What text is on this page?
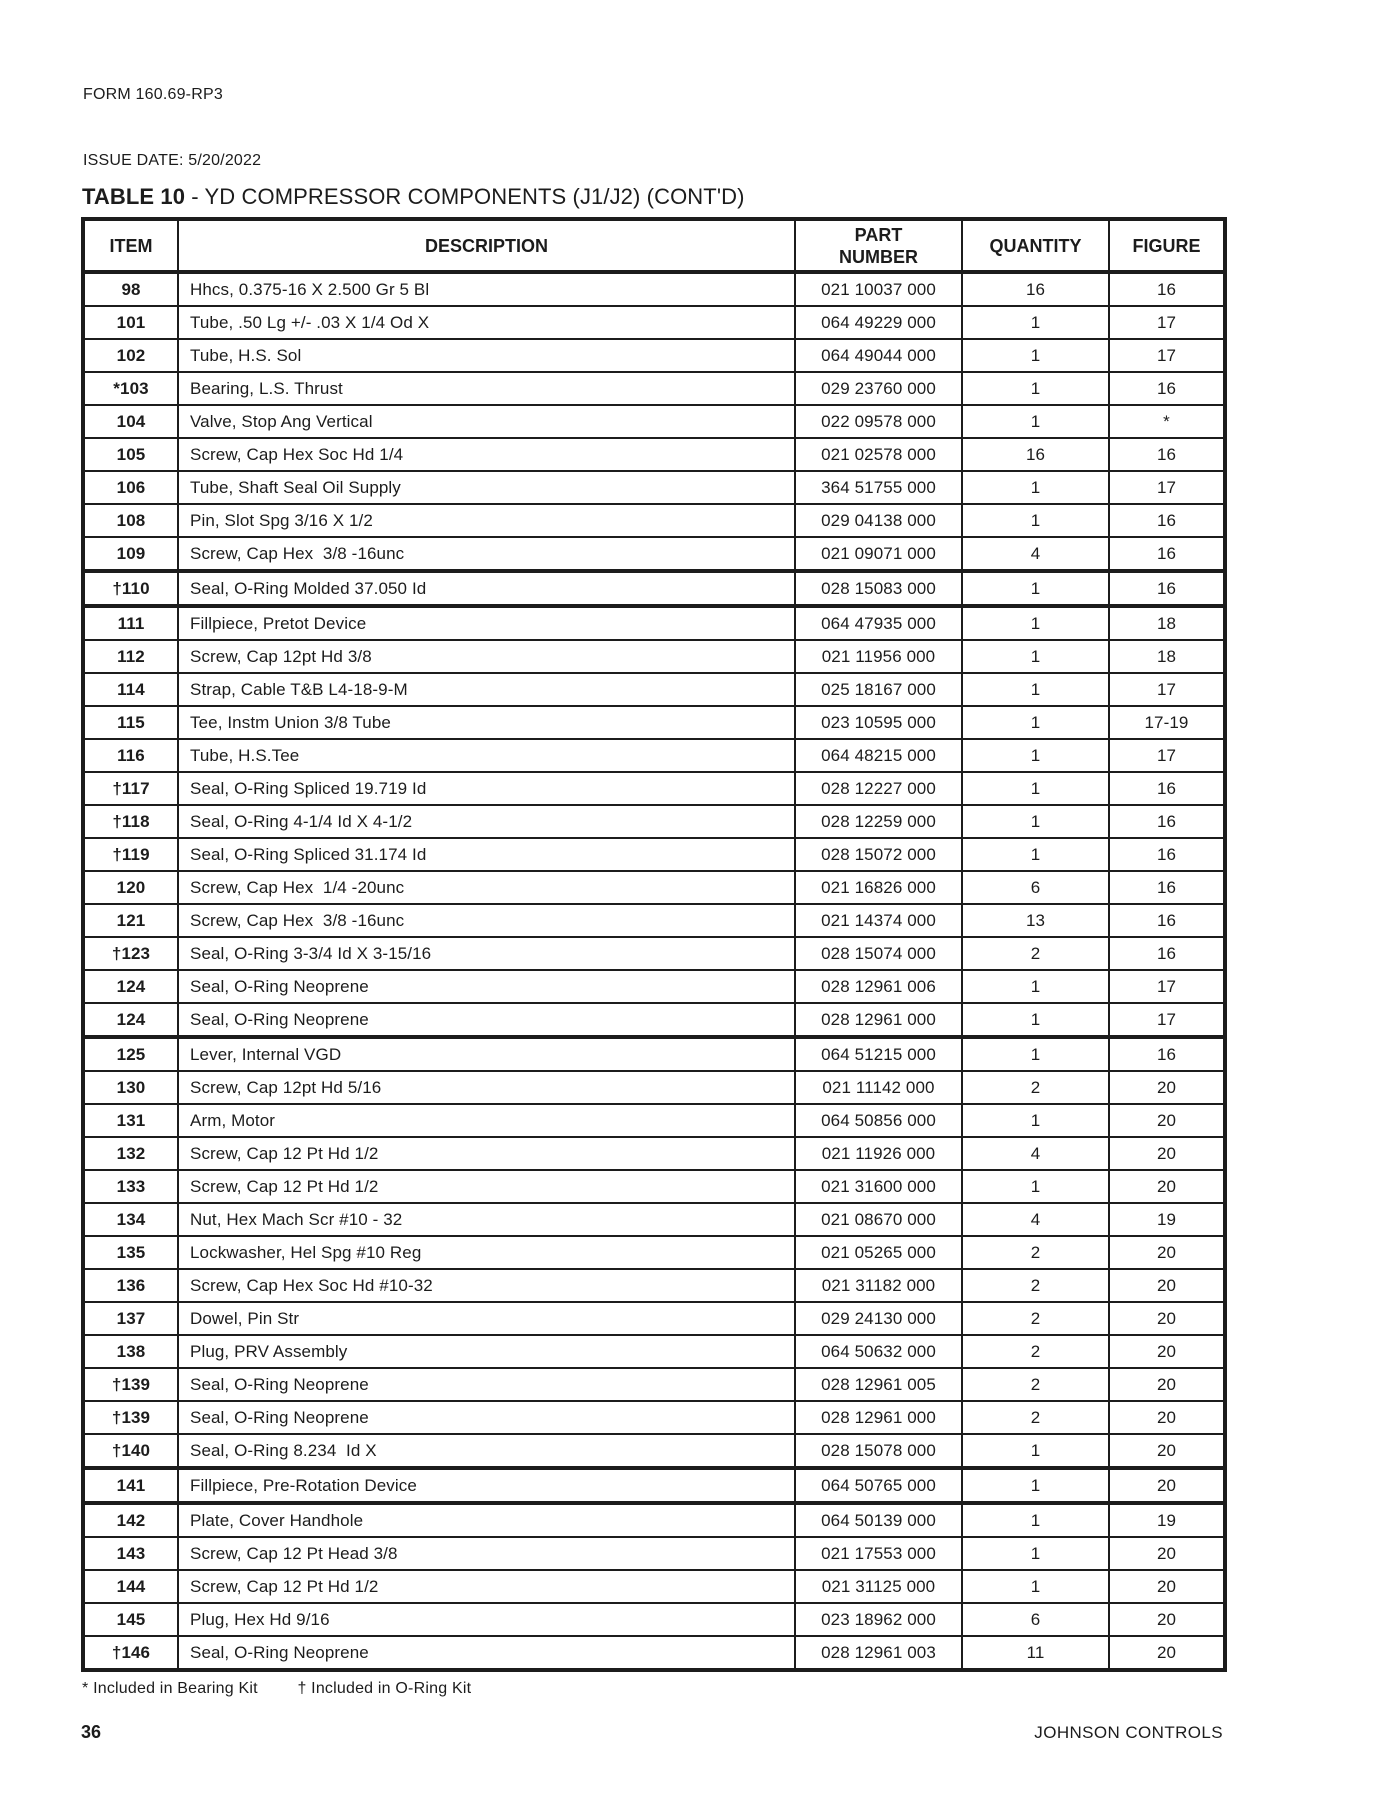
FORM 160.69-RP3

ISSUE DATE: 5/20/2022

TABLE 10 - YD COMPRESSOR COMPONENTS (J1/J2) (CONT'D)
ITEM	DESCRIPTION	PART NUMBER	QUANTITY	FIGURE
98	Hhcs, 0.375-16 X 2.500 Gr 5 Bl	021 10037 000	16	16
101	Tube, .50 Lg +/- .03 X 1/4 Od X	064 49229 000	1	17
102	Tube, H.S. Sol	064 49044 000	1	17
*103	Bearing, L.S. Thrust	029 23760 000	1	16
104	Valve, Stop Ang Vertical	022 09578 000	1	*
105	Screw, Cap Hex Soc Hd 1/4	021 02578 000	16	16
106	Tube, Shaft Seal Oil Supply	364 51755 000	1	17
108	Pin, Slot Spg 3/16 X 1/2	029 04138 000	1	16
109	Screw, Cap Hex  3/8 -16unc	021 09071 000	4	16
†110	Seal, O-Ring Molded 37.050 Id	028 15083 000	1	16
111	Fillpiece, Pretot Device	064 47935 000	1	18
112	Screw, Cap 12pt Hd 3/8	021 11956 000	1	18
114	Strap, Cable T&B L4-18-9-M	025 18167 000	1	17
115	Tee, Instm Union 3/8 Tube	023 10595 000	1	17-19
116	Tube, H.S.Tee	064 48215 000	1	17
†117	Seal, O-Ring Spliced 19.719 Id	028 12227 000	1	16
†118	Seal, O-Ring 4-1/4 Id X 4-1/2	028 12259 000	1	16
†119	Seal, O-Ring Spliced 31.174 Id	028 15072 000	1	16
120	Screw, Cap Hex  1/4 -20unc	021 16826 000	6	16
121	Screw, Cap Hex  3/8 -16unc	021 14374 000	13	16
†123	Seal, O-Ring 3-3/4 Id X 3-15/16	028 15074 000	2	16
124	Seal, O-Ring Neoprene	028 12961 006	1	17
124	Seal, O-Ring Neoprene	028 12961 000	1	17
125	Lever, Internal VGD	064 51215 000	1	16
130	Screw, Cap 12pt Hd 5/16	021 11142 000	2	20
131	Arm, Motor	064 50856 000	1	20
132	Screw, Cap 12 Pt Hd 1/2	021 11926 000	4	20
133	Screw, Cap 12 Pt Hd 1/2	021 31600 000	1	20
134	Nut, Hex Mach Scr #10 - 32	021 08670 000	4	19
135	Lockwasher, Hel Spg #10 Reg	021 05265 000	2	20
136	Screw, Cap Hex Soc Hd #10-32	021 31182 000	2	20
137	Dowel, Pin Str	029 24130 000	2	20
138	Plug, PRV Assembly	064 50632 000	2	20
†139	Seal, O-Ring Neoprene	028 12961 005	2	20
†139	Seal, O-Ring Neoprene	028 12961 000	2	20
†140	Seal, O-Ring 8.234  Id X	028 15078 000	1	20
141	Fillpiece, Pre-Rotation Device	064 50765 000	1	20
142	Plate, Cover Handhole	064 50139 000	1	19
143	Screw, Cap 12 Pt Head 3/8	021 17553 000	1	20
144	Screw, Cap 12 Pt Hd 1/2	021 31125 000	1	20
145	Plug, Hex Hd 9/16	023 18962 000	6	20
†146	Seal, O-Ring Neoprene	028 12961 003	11	20
* Included in Bearing Kit † Included in O-Ring Kit
36	JOHNSON CONTROLS
